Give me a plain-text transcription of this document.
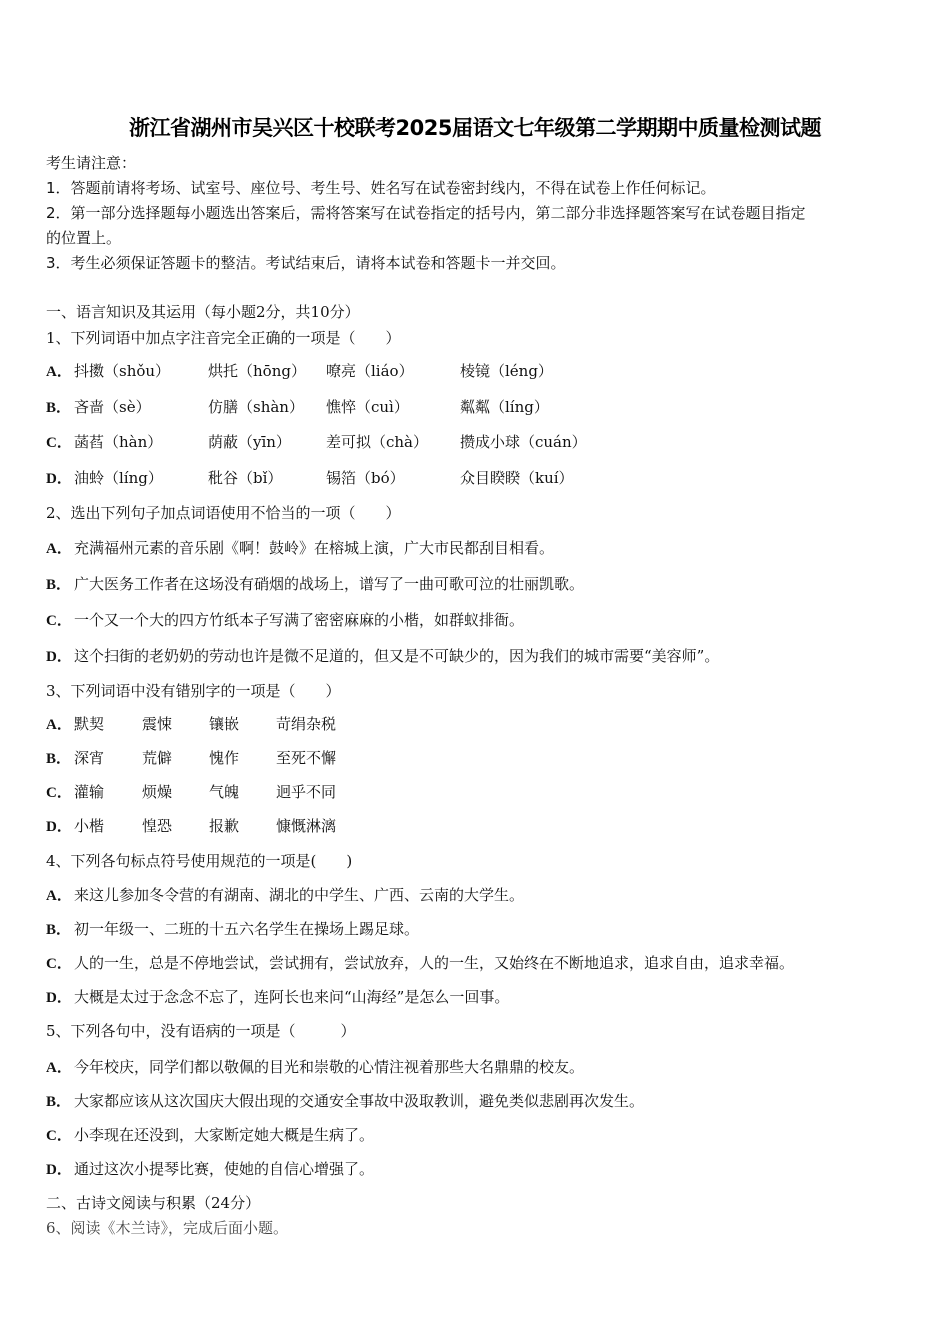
浙江省湖州市吴兴区十校联考2025届语文七年级第二学期期中质量检测试题
考生请注意：
1．答题前请将考场、试室号、座位号、考生号、姓名写在试卷密封线内，不得在试卷上作任何标记。
2．第一部分选择题每小题选出答案后，需将答案写在试卷指定的括号内，第二部分非选择题答案写在试卷题目指定
的位置上。
3．考生必须保证答题卡的整洁。考试结束后，请将本试卷和答题卡一并交回。
一、语言知识及其运用（每小题2分，共10分）
1、下列词语中加点字注音完全正确的一项是（　　）
A． 抖擞（shǒu）	烘托（hōng） 嘹亮（liáo）	棱镜（léng）
B． 吝啬（sè）	仿膳（shàn） 憔悴（cuì）	粼粼（líng）
C． 菡萏（hàn）	荫蔽（yīn） 差可拟（chà） 攒成小球（cuán）
D． 油蛉（líng）	秕谷（bǐ）	锡箔（bó）	众目睽睽（kuí）
2、选出下列句子加点词语使用不恰当的一项（　　）
A． 充满福州元素的音乐剧《啊！鼓岭》在榕城上演，广大市民都刮目相看。
B． 广大医务工作者在这场没有硝烟的战场上，谱写了一曲可歌可泣的壮丽凯歌。
C． 一个又一个大的四方竹纸本子写满了密密麻麻的小楷，如群蚁排衙。
D． 这个扫街的老奶奶的劳动也许是微不足道的，但又是不可缺少的，因为我们的城市需要“美容师”。
3、下列词语中没有错别字的一项是（　　）
A． 默契	震悚 镶嵌 苛绢杂税
B． 深宵	荒僻 愧作 至死不懈
C． 灌输	烦燥 气魄 迥乎不同
D． 小楷	惶恐 报歉 慷慨淋漓
4、下列各句标点符号使用规范的一项是(　　)
A． 来这儿参加冬令营的有湖南、湖北的中学生、广西、云南的大学生。
B． 初一年级一、二班的十五六名学生在操场上踢足球。
C． 人的一生，总是不停地尝试，尝试拥有，尝试放弃，人的一生，又始终在不断地追求，追求自由，追求幸福。
D． 大概是太过于念念不忘了，连阿长也来问“山海经”是怎么一回事。
5、下列各句中，没有语病的一项是（　　　）
A． 今年校庆，同学们都以敬佩的目光和崇敬的心情注视着那些大名鼎鼎的校友。
B． 大家都应该从这次国庆大假出现的交通安全事故中汲取教训，避免类似悲剧再次发生。
C． 小李现在还没到，大家断定她大概是生病了。
D． 通过这次小提琴比赛，使她的自信心增强了。
二、古诗文阅读与积累（24分）
6、阅读《木兰诗》，完成后面小题。
